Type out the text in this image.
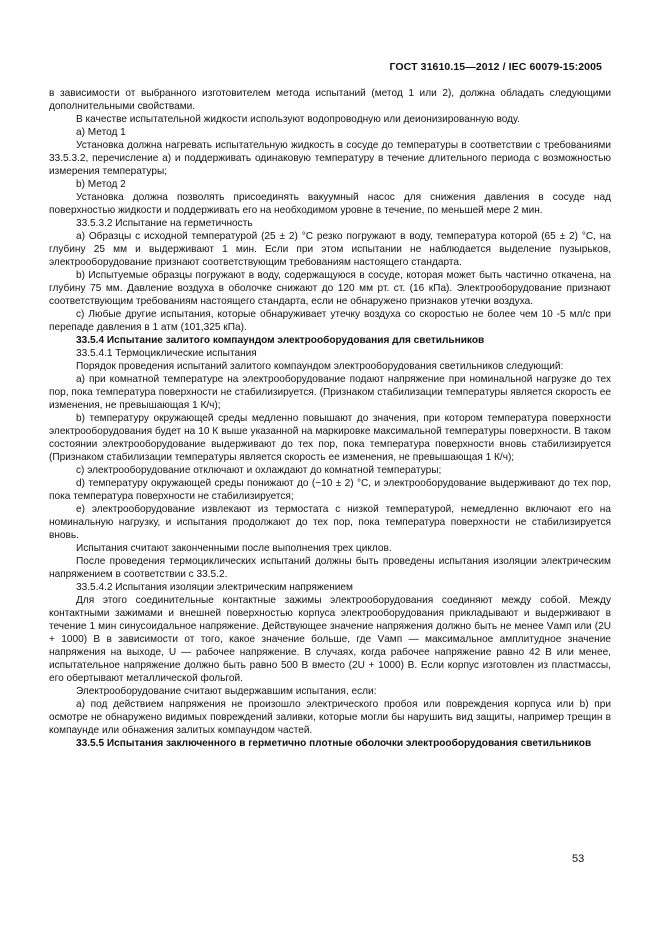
ГОСТ 31610.15—2012 / IEC 60079-15:2005

в зависимости от выбранного изготовителем метода испытаний (метод 1 или 2), должна обладать следующими дополнительными свойствами.

В качестве испытательной жидкости используют водопроводную или деионизированную воду.

а) Метод 1

Установка должна нагревать испытательную жидкость в сосуде до температуры в соответствии с требованиями 33.5.3.2, перечисление а) и поддерживать одинаковую температуру в течение длительного периода с возможностью измерения температуры;

b) Метод 2

Установка должна позволять присоединять вакуумный насос для снижения давления в сосуде над поверхностью жидкости и поддерживать его на необходимом уровне в течение, по меньшей мере 2 мин.

33.5.3.2 Испытание на герметичность

а) Образцы с исходной температурой (25 ± 2) °С резко погружают в воду, температура которой (65 ± 2) °С, на глубину 25 мм и выдерживают 1 мин. Если при этом испытании не наблюдается выделение пузырьков, электрооборудование признают соответствующим требованиям настоящего стандарта.

b) Испытуемые образцы погружают в воду, содержащуюся в сосуде, которая может быть частично откачена, на глубину 75 мм. Давление воздуха в оболочке снижают до 120 мм рт. ст. (16 кПа). Электрооборудование признают соответствующим требованиям настоящего стандарта, если не обнаружено признаков утечки воздуха.

с) Любые другие испытания, которые обнаруживает утечку воздуха со скоростью не более чем 10 -5 мл/с при перепаде давления в 1 атм (101,325 кПа).

33.5.4 Испытание залитого компаундом электрооборудования для светильников

33.5.4.1 Термоциклические испытания

Порядок проведения испытаний залитого компаундом электрооборудования светильников следующий:

а) при комнатной температуре на электрооборудование подают напряжение при номинальной нагрузке до тех пор, пока температура поверхности не стабилизируется. (Признаком стабилизации температуры является скорость ее изменения, не превышающая 1 К/ч);

b) температуру окружающей среды медленно повышают до значения, при котором температура поверхности электрооборудования будет на 10 К выше указанной на маркировке максимальной температуры поверхности. В таком состоянии электрооборудование выдерживают до тех пор, пока температура поверхности вновь стабилизируется (Признаком стабилизации температуры является скорость ее изменения, не превышающая 1 К/ч);

с) электрооборудование отключают и охлаждают до комнатной температуры;

d) температуру окружающей среды понижают до (−10 ± 2) °С, и электрооборудование выдерживают до тех пор, пока температура поверхности не стабилизируется;

е) электрооборудование извлекают из термостата с низкой температурой, немедленно включают его на номинальную нагрузку, и испытания продолжают до тех пор, пока температура поверхности не стабилизируется вновь.

Испытания считают законченными после выполнения трех циклов.

После проведения термоциклических испытаний должны быть проведены испытания изоляции электрическим напряжением в соответствии с 33.5.2.

33.5.4.2 Испытания изоляции электрическим напряжением

Для этого соединительные контактные зажимы электрооборудования соединяют между собой. Между контактными зажимами и внешней поверхностью корпуса электрооборудования прикладывают и выдерживают в течение 1 мин синусоидальное напряжение. Действующее значение напряжения должно быть не менее Vамп или (2U + 1000) В в зависимости от того, какое значение больше, где Vамп — максимальное амплитудное значение напряжения на выходе, U — рабочее напряжение. В случаях, когда рабочее напряжение равно 42 В или менее, испытательное напряжение должно быть равно 500 В вместо (2U + 1000) В. Если корпус изготовлен из пластмассы, его обертывают металлической фольгой.

Электрооборудование считают выдержавшим испытания, если:

а) под действием напряжения не произошло электрического пробоя или повреждения корпуса или b) при осмотре не обнаружено видимых повреждений заливки, которые могли бы нарушить вид защиты, например трещин в компаунде или обнажения залитых компаундом частей.

33.5.5 Испытания заключенного в герметично плотные оболочки электрооборудования светильников

53
